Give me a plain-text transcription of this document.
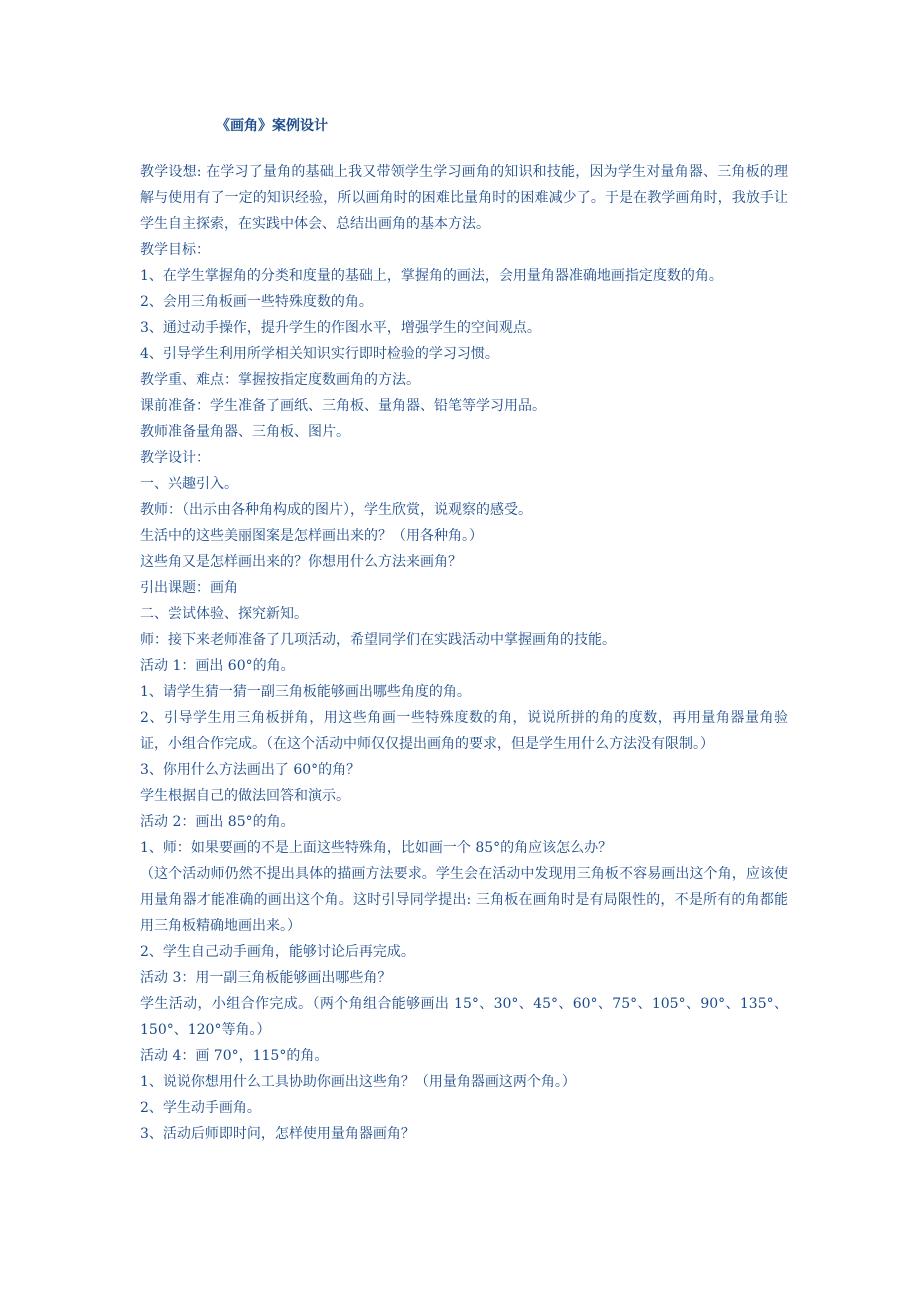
《画角》案例设计

教学设想: 在学习了量角的基础上我又带领学生学习画角的知识和技能，因为学生对量角器、三角板的理解与使用有了一定的知识经验，所以画角时的困难比量角时的困难减少了。于是在教学画角时，我放手让学生自主探索，在实践中体会、总结出画角的基本方法。

教学目标：

1、在学生掌握角的分类和度量的基础上，掌握角的画法，会用量角器准确地画指定度数的角。

2、会用三角板画一些特殊度数的角。

3、通过动手操作，提升学生的作图水平，增强学生的空间观点。

4、引导学生利用所学相关知识实行即时检验的学习习惯。

教学重、难点：掌握按指定度数画角的方法。

课前准备：学生准备了画纸、三角板、量角器、铅笔等学习用品。

教师准备量角器、三角板、图片。

教学设计：

一、兴趣引入。

教师：（出示由各种角构成的图片），学生欣赏，说观察的感受。

生活中的这些美丽图案是怎样画出来的？（用各种角。）

这些角又是怎样画出来的？你想用什么方法来画角？

引出课题：画角

二、尝试体验、探究新知。

师：接下来老师准备了几项活动，希望同学们在实践活动中掌握画角的技能。

活动 1：画出 60°的角。

1、请学生猜一猜一副三角板能够画出哪些角度的角。

2、引导学生用三角板拼角，用这些角画一些特殊度数的角，说说所拼的角的度数，再用量角器量角验证，小组合作完成。（在这个活动中师仅仅提出画角的要求，但是学生用什么方法没有限制。）

3、你用什么方法画出了 60°的角？

学生根据自己的做法回答和演示。

活动 2：画出 85°的角。

1、师：如果要画的不是上面这些特殊角，比如画一个 85°的角应该怎么办？

（这个活动师仍然不提出具体的描画方法要求。学生会在活动中发现用三角板不容易画出这个角，应该使用量角器才能准确的画出这个角。这时引导同学提出: 三角板在画角时是有局限性的，不是所有的角都能用三角板精确地画出来。）

2、学生自己动手画角，能够讨论后再完成。

活动 3：用一副三角板能够画出哪些角？

学生活动，小组合作完成。（两个角组合能够画出 15°、30°、45°、60°、75°、105°、90°、135°、150°、120°等角。）

活动 4：画 70°，115°的角。

1、说说你想用什么工具协助你画出这些角？（用量角器画这两个角。）

2、学生动手画角。

3、活动后师即时问，怎样使用量角器画角？
